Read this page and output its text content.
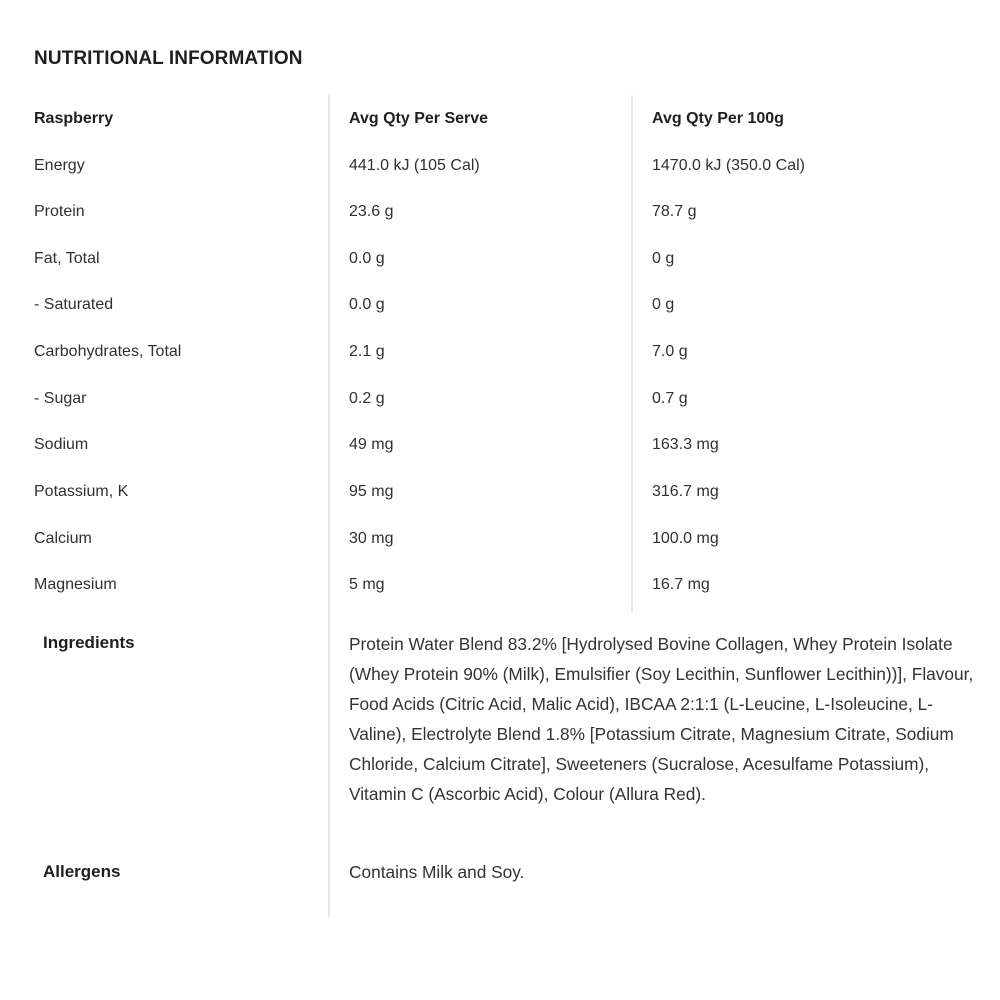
NUTRITIONAL INFORMATION
Raspberry	Avg Qty Per Serve	Avg Qty Per 100g
Energy	441.0 kJ (105 Cal)	1470.0 kJ (350.0 Cal)
Protein	23.6 g	78.7 g
Fat, Total	0.0 g	0 g
- Saturated	0.0 g	0 g
Carbohydrates, Total	2.1 g	7.0 g
- Sugar	0.2 g	0.7 g
Sodium	49 mg	163.3 mg
Potassium, K	95 mg	316.7 mg
Calcium	30 mg	100.0 mg
Magnesium	5 mg	16.7 mg
Ingredients	Protein Water Blend 83.2% [Hydrolysed Bovine Collagen, Whey Protein Isolate (Whey Protein 90% (Milk), Emulsifier (Soy Lecithin, Sunflower Lecithin))], Flavour, Food Acids (Citric Acid, Malic Acid), IBCAA 2:1:1 (L-Leucine, L-Isoleucine, L-Valine), Electrolyte Blend 1.8% [Potassium Citrate, Magnesium Citrate, Sodium Chloride, Calcium Citrate], Sweeteners (Sucralose, Acesulfame Potassium), Vitamin C (Ascorbic Acid), Colour (Allura Red).
Allergens	Contains Milk and Soy.
